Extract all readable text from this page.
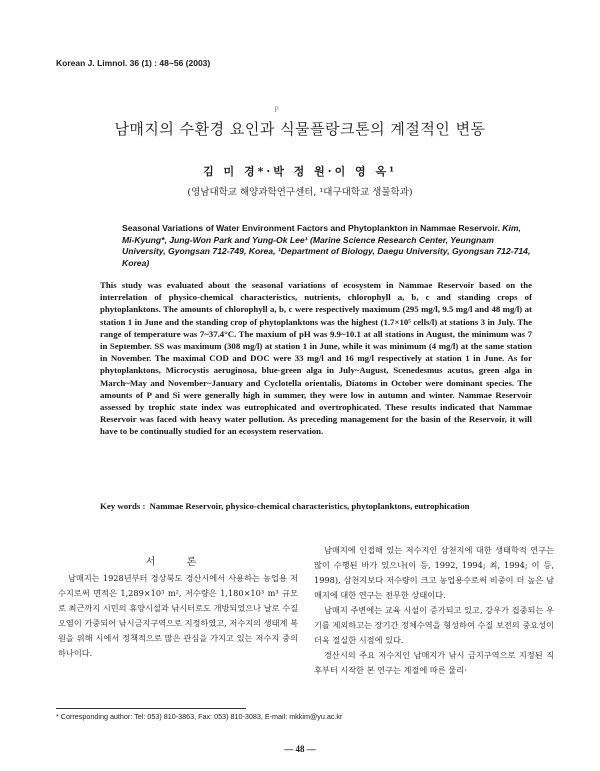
Korean J. Limnol. 36 (1) : 48~56 (2003)
P
남매지의 수환경 요인과 식물플랑크톤의 계절적인 변동
김 미 경*·박 정 원·이 영 옥¹
(영남대학교 해양과학연구센터, ¹대구대학교 생물학과)
Seasonal Variations of Water Environment Factors and Phytoplankton in Nammae Reservoir. Kim, Mi-Kyung*, Jung-Won Park and Yung-Ok Lee¹ (Marine Science Research Center, Yeungnam University, Gyongsan 712-749, Korea, ¹Department of Biology, Daegu University, Gyongsan 712-714, Korea)
This study was evaluated about the seasonal variations of ecosystem in Nammae Reservoir based on the interrelation of physico-chemical characteristics, nutrients, chlorophyll a, b, c and standing crops of phytoplanktons. The amounts of chlorophyll a, b, c were respectively maximum (295 mg/l, 9.5 mg/l and 48 mg/l) at station 1 in June and the standing crop of phytoplanktons was the highest (1.7×10⁵ cells/l) at stations 3 in July. The range of temperature was 7~37.4°C. The maxium of pH was 9.9~10.1 at all stations in August, the minimum was 7 in September. SS was maximum (308 mg/l) at station 1 in June, while it was minimum (4 mg/l) at the same station in November. The maximal COD and DOC were 33 mg/l and 16 mg/l respectively at station 1 in June. As for phytoplanktons, Microcystis aeruginosa, blue-green alga in July~August, Scenedesmus acutus, green alga in March~May and November~January and Cyclotella orientalis, Diatoms in October were dominant species. The amounts of P and Si were generally high in summer, they were low in autumn and winter. Nammae Reservoir assessed by trophic state index was eutrophicated and overtrophicated. These results indicated that Nammae Reservoir was faced with heavy water pollution. As preceding management for the basin of the Reservoir, it will have to be continually studied for an ecosystem reservation.
Key words : Nammae Reservoir, physico-chemical characteristics, phytoplanktons, eutrophication
서 론

남매지는 1928년부터 경상북도 경산시에서 사용하는 농업용 저수지로써 면적은 1,289×10³ m², 저수량은 1,180×10³ m³ 규모로 최근까지 시민의 휴양시설과 낚시터로도 개방되었으나 날로 수질오염이 가중되어 낚시금지구역으로 지정하였고, 저수지의 생태계 복원을 위해 시에서 정책적으로 많은 관심을 가지고 있는 저수지 중의 하나이다.

남매지에 인접해 있는 저수지인 삼천지에 대한 생태학적 연구는 많이 수행된 바가 있으나(이 등, 1992, 1994; 최, 1994; 이 등, 1998), 삼천지보다 저수량이 크고 농업용수로써 비중이 더 높은 남매지에 대한 연구는 전무한 상태이다.

남매지 주변에는 교육 시설이 증가되고 있고, 강우가 집중되는 우기를 제외하고는 장기간 정체수역을 형성하여 수질 보전의 중요성이 더욱 절실한 시점에 있다.

경산시의 주요 저수지인 남매지가 낚시 금지구역으로 지정된 직후부터 시작한 본 연구는 계절에 따른 물리·

* Corresponding author: Tel: 053) 810-3863, Fax: 053) 810-3083, E-mail: mkkim@yu.ac.kr
— 48 —
